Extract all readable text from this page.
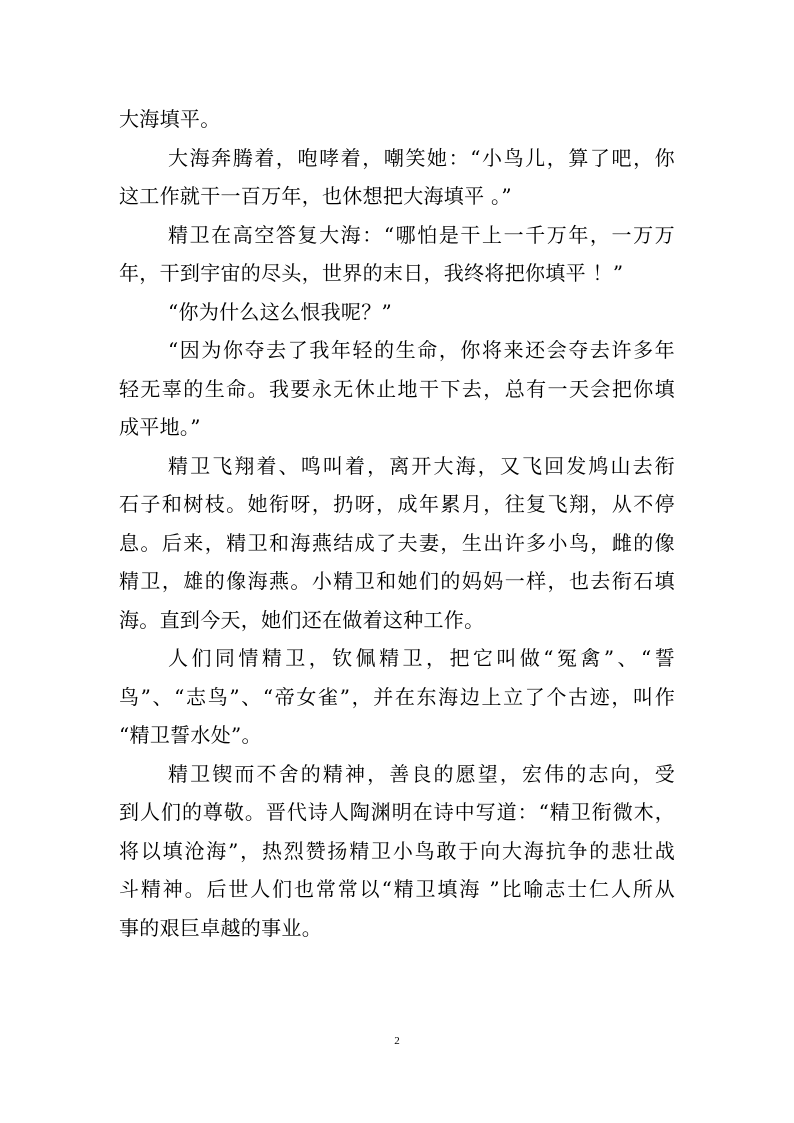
大海填平。
大海奔腾着，咆哮着，嘲笑她：“小鸟儿，算了吧，你
这工作就干一百万年，也休想把大海填平 。”
精卫在高空答复大海：“哪怕是干上一千万年，一万万
年，干到宇宙的尽头，世界的末日，我终将把你填平 ！”
“你为什么这么恨我呢？”
“因为你夺去了我年轻的生命，你将来还会夺去许多年
轻无辜的生命。我要永无休止地干下去，总有一天会把你填
成平地。”
精卫飞翔着、鸣叫着，离开大海，又飞回发鸠山去衔
石子和树枝。她衔呀，扔呀，成年累月，往复飞翔，从不停
息。后来，精卫和海燕结成了夫妻，生出许多小鸟，雌的像
精卫，雄的像海燕。小精卫和她们的妈妈一样，也去衔石填
海。直到今天，她们还在做着这种工作。
人们同情精卫，钦佩精卫，把它叫做“冤禽”、“誓
鸟”、“志鸟”、“帝女雀”，并在东海边上立了个古迹，叫作
“精卫誓水处”。
精卫锲而不舍的精神，善良的愿望，宏伟的志向，受
到人们的尊敬。晋代诗人陶渊明在诗中写道：“精卫衔微木，
将以填沧海”，热烈赞扬精卫小鸟敢于向大海抗争的悲壮战
斗精神。后世人们也常常以“精卫填海 ”比喻志士仁人所从
事的艰巨卓越的事业。
2
